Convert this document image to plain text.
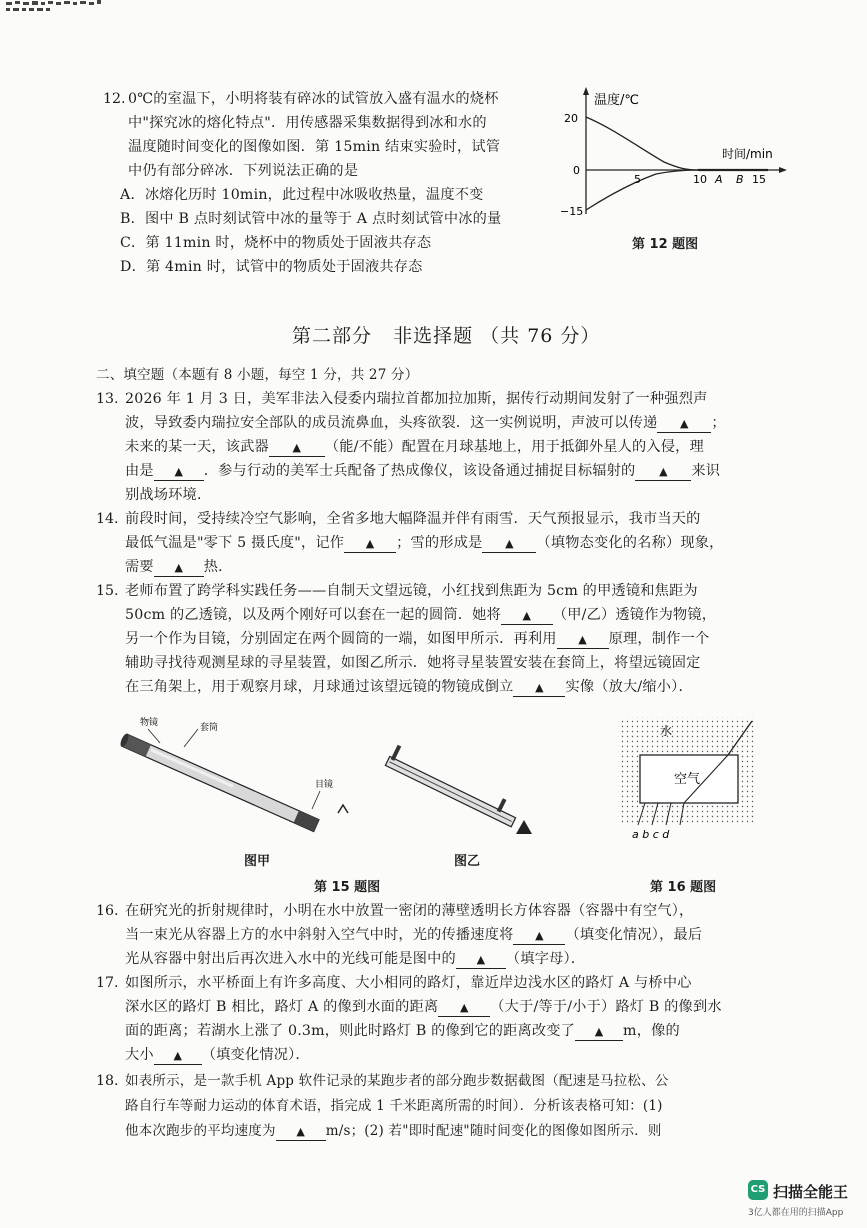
12. 0℃的室温下，小明将装有碎冰的试管放入盛有温水的烧杯
中"探究冰的熔化特点"．用传感器采集数据得到冰和水的
温度随时间变化的图像如图．第 15min 结束实验时，试管
中仍有部分碎冰．下列说法正确的是
A．冰熔化历时 10min，此过程中冰吸收热量，温度不变
B．图中 B 点时刻试管中冰的量等于 A 点时刻试管中冰的量
C．第 11min 时，烧杯中的物质处于固液共存态
D．第 4min 时，试管中的物质处于固液共存态
温度/℃
时间/min
20
0
−15
5	10 A B 15
第 12 题图
第二部分   非选择题 （共 76 分）
二、填空题（本题有 8 小题，每空 1 分，共 27 分）
13. 2026 年 1 月 3 日，美军非法入侵委内瑞拉首都加拉加斯，据传行动期间发射了一种强烈声
波，导致委内瑞拉安全部队的成员流鼻血，头疼欲裂．这一实例说明，声波可以传递 ▲ ；
未来的某一天，该武器 ▲ （能/不能）配置在月球基地上，用于抵御外星人的入侵，理
由是 ▲ ．参与行动的美军士兵配备了热成像仪，该设备通过捕捉目标辐射的 ▲ 来识
别战场环境．
14. 前段时间，受持续冷空气影响，全省多地大幅降温并伴有雨雪．天气预报显示，我市当天的
最低气温是"零下 5 摄氏度"，记作 ▲ ；雪的形成是 ▲ （填物态变化的名称）现象，
需要 ▲ 热．
15. 老师布置了跨学科实践任务——自制天文望远镜，小红找到焦距为 5cm 的甲透镜和焦距为
50cm 的乙透镜，以及两个刚好可以套在一起的圆筒．她将 ▲ （甲/乙）透镜作为物镜，
另一个作为目镜，分别固定在两个圆筒的一端，如图甲所示．再利用 ▲ 原理，制作一个
辅助寻找待观测星球的寻星装置，如图乙所示．她将寻星装置安装在套筒上，将望远镜固定
在三角架上，用于观察月球，月球通过该望远镜的物镜成倒立 ▲ 实像（放大/缩小）．
物镜	套筒
目镜
图甲	图乙
第 15 题图
水
空气
a b c d
第 16 题图
16. 在研究光的折射规律时，小明在水中放置一密闭的薄壁透明长方体容器（容器中有空气），
当一束光从容器上方的水中斜射入空气中时，光的传播速度将 ▲ （填变化情况），最后
光从容器中射出后再次进入水中的光线可能是图中的 ▲ （填字母）．
17. 如图所示，水平桥面上有许多高度、大小相同的路灯，靠近岸边浅水区的路灯 A 与桥中心
深水区的路灯 B 相比，路灯 A 的像到水面的距离 ▲ （大于/等于/小于）路灯 B 的像到水
面的距离；若湖水上涨了 0.3m，则此时路灯 B 的像到它的距离改变了 ▲ m，像的
大小 ▲ （填变化情况）．
18. 如表所示，是一款手机 App 软件记录的某跑步者的部分跑步数据截图（配速是马拉松、公
路自行车等耐力运动的体育术语，指完成 1 千米距离所需的时间）．分析该表格可知：(1)
他本次跑步的平均速度为 ▲ m/s；(2) 若"即时配速"随时间变化的图像如图所示．则
CS 扫描全能王
3亿人都在用的扫描App
